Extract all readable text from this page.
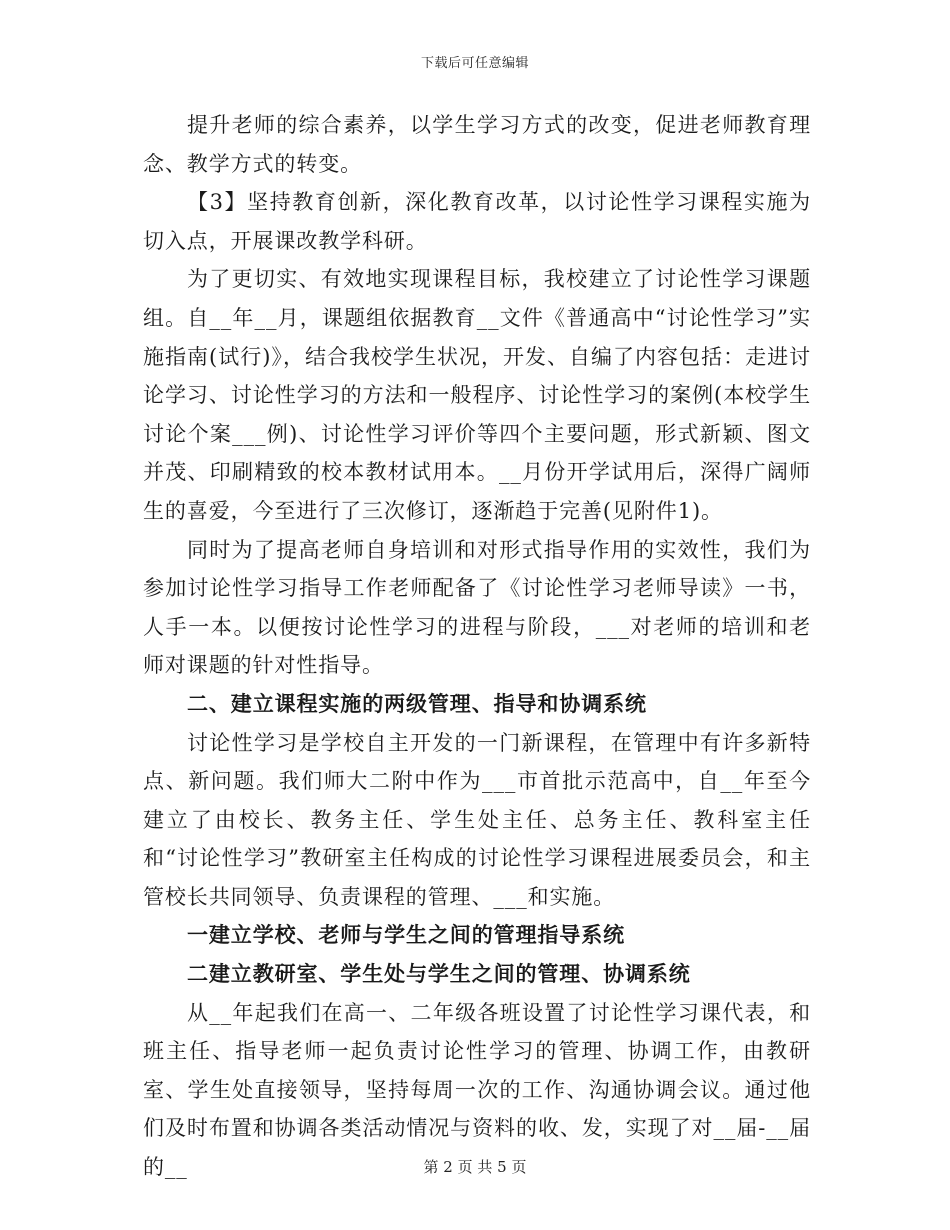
下载后可任意编辑

提升老师的综合素养，以学生学习方式的改变，促进老师教育理念、教学方式的转变。

【3】坚持教育创新，深化教育改革，以讨论性学习课程实施为切入点，开展课改教学科研。

为了更切实、有效地实现课程目标，我校建立了讨论性学习课题组。自__年__月，课题组依据教育__文件《普通高中“讨论性学习”实施指南(试行)》，结合我校学生状况，开发、自编了内容包括：走进讨论学习、讨论性学习的方法和一般程序、讨论性学习的案例(本校学生讨论个案___例)、讨论性学习评价等四个主要问题，形式新颖、图文并茂、印刷精致的校本教材试用本。__月份开学试用后，深得广阔师生的喜爱，今至进行了三次修订，逐渐趋于完善(见附件1)。

同时为了提高老师自身培训和对形式指导作用的实效性，我们为参加讨论性学习指导工作老师配备了《讨论性学习老师导读》一书，人手一本。以便按讨论性学习的进程与阶段，___对老师的培训和老师对课题的针对性指导。

二、建立课程实施的两级管理、指导和协调系统

讨论性学习是学校自主开发的一门新课程，在管理中有许多新特点、新问题。我们师大二附中作为___市首批示范高中，自__年至今建立了由校长、教务主任、学生处主任、总务主任、教科室主任和“讨论性学习”教研室主任构成的讨论性学习课程进展委员会，和主管校长共同领导、负责课程的管理、___和实施。

一建立学校、老师与学生之间的管理指导系统

二建立教研室、学生处与学生之间的管理、协调系统

从__年起我们在高一、二年级各班设置了讨论性学习课代表，和班主任、指导老师一起负责讨论性学习的管理、协调工作，由教研室、学生处直接领导，坚持每周一次的工作、沟通协调会议。通过他们及时布置和协调各类活动情况与资料的收、发，实现了对__届-__届的__	第 2 页 共 5 页
